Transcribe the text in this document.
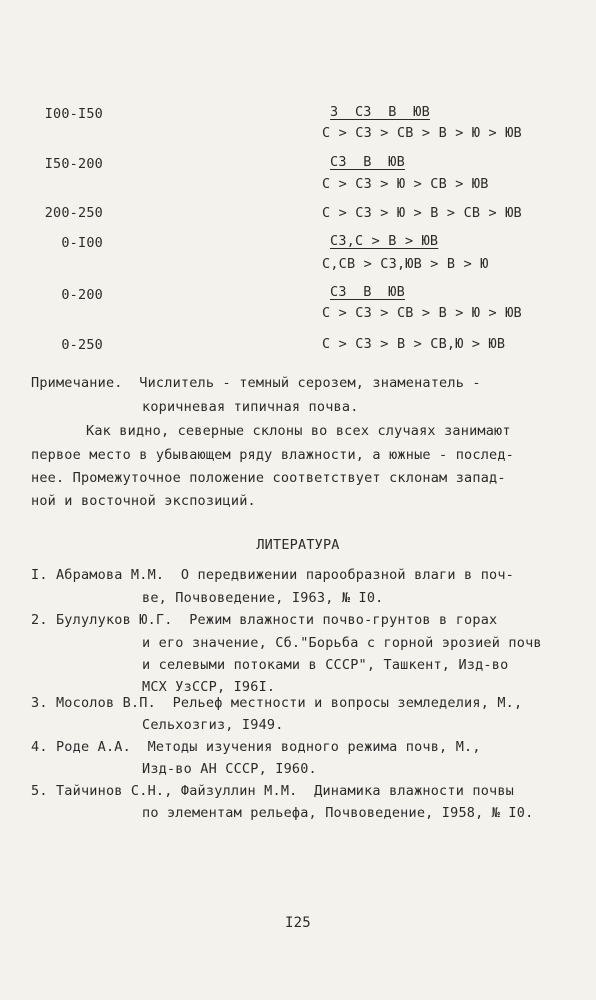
I00-I50	З  СЗ  В  ЮВ
С > СЗ > СВ > В > Ю > ЮВ
I50-200	СЗ  В  ЮВ
С > СЗ > Ю > СВ > ЮВ
200-250	С > СЗ > Ю > В > СВ > ЮВ
0-I00	СЗ,С > В > ЮВ
С,СВ > СЗ,ЮВ > В > Ю
0-200	СЗ  В  ЮВ
С > СЗ > СВ > В > Ю > ЮВ
0-250	С > СЗ > В > СВ,Ю > ЮВ
Примечание.  Числитель - темный серозем, знаменатель -
коричневая типичная почва.
Как видно, северные склоны во всех случаях занимают
первое место в убывающем ряду влажности, а южные - послед-
нее. Промежуточное положение соответствует склонам запад-
ной и восточной экспозиций.
ЛИТЕРАТУРА
I. Абрамова М.М.  О передвижении парообразной влаги в поч-
ве, Почвоведение, I963, № I0.
2. Булулуков Ю.Г.  Режим влажности почво-грунтов в горах
и его значение, Сб."Борьба с горной эрозией почв
и селевыми потоками в СССР", Ташкент, Изд-во
МСХ УзССР, I96I.
3. Мосолов В.П.  Рельеф местности и вопросы земледелия, М.,
Сельхозгиз, I949.
4. Роде А.А.  Методы изучения водного режима почв, М.,
Изд-во АН СССР, I960.
5. Тайчинов С.Н., Файзуллин М.М.  Динамика влажности почвы
по элементам рельефа, Почвоведение, I958, № I0.
I25
